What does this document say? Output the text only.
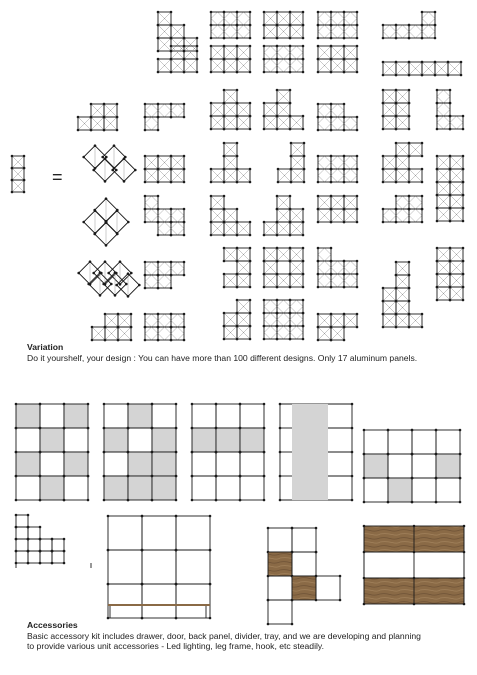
=
Variation
Do it yourshelf, your design : You can have more than 100 different designs. Only 17 aluminum panels.
Accessories
Basic accessory kit includes drawer, door, back panel, divider, tray, and we are developing and planning
to provide various unit accessories - Led lighting, leg frame, hook, etc steadily.
